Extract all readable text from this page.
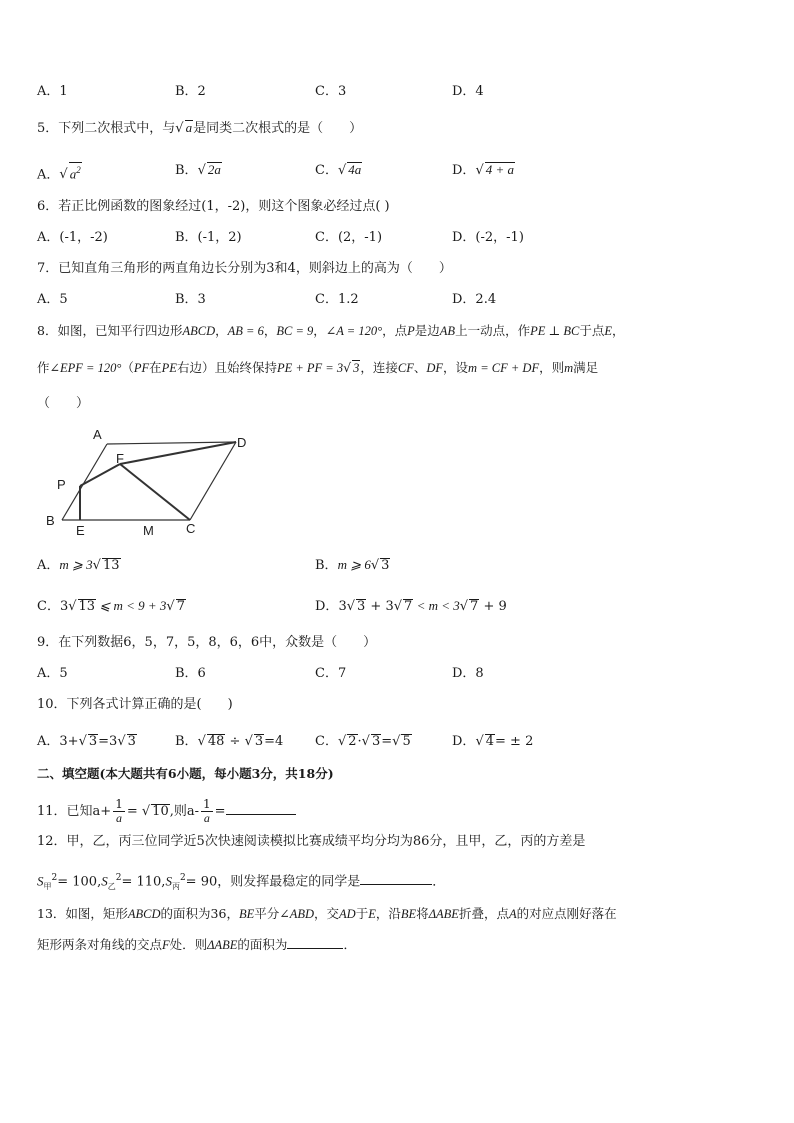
A．1	B．2	C．3	D．4
5．下列二次根式中，与 √ a是同类二次根式的是（　　）
A． √ $a^2$	B． √ 2a	C． √ 4a	D． √ 4 + a
6．若正比例函数的图象经过(1，-2)，则这个图象必经过点( )
A．(-1，-2)	B．(-1，2)	C．(2，-1)	D．(-2，-1)
7．已知直角三角形的两直角边长分别为3和4，则斜边上的高为（　　）
A．5	B．3	C．1.2	D．2.4
8．如图，已知平行四边形ABCD，AB = 6，BC = 9，∠A = 120°，点P是边AB上一动点，作PE ⊥ BC于点E，
作∠EPF = 120°（PF在PE右边）且始终保持PE + PF = 3 √ 3，连接CF、DF，设m = CF + DF，则m满足
（　　）
A
D
F
P
B
E	M C
A．m ⩾ 3 √ 13	B．m ⩾ 6 √ 3
C．3 √ 13 ⩽ m < 9 + 3 √ 7	D．3 √ 3 + 3 √ 7 < m < 3 √ 7 + 9
9．在下列数据6，5，7，5，8，6，6中，众数是（　　）
A．5	B．6	C．7	D．8
10．下列各式计算正确的是(　　)
A．3+ √ 3=3 √ 3	B． √ 48 ÷ √ 3=4 C． √ 2· √ 3= √ 5	D． √ 4= ± 2
二、填空题(本大题共有6小题，每小题3分，共18分)
11．已知$a+ \frac{1}{a}$ = √ 10,则$a- \frac{1}{a}$ =
12．甲，乙，丙三位同学近5次快速阅读模拟比赛成绩平均分均为86分，且甲，乙，丙的方差是
$S_甲^2= 100,S_乙^2= 110,S_丙^2= 90$，则发挥最稳定的同学是	．
13．如图，矩形ABCD的面积为36，BE平分∠ABD，交AD于E，沿BE将ΔABE折叠，点A的对应点刚好落在
矩形两条对角线的交点F处．则ΔABE的面积为	．
